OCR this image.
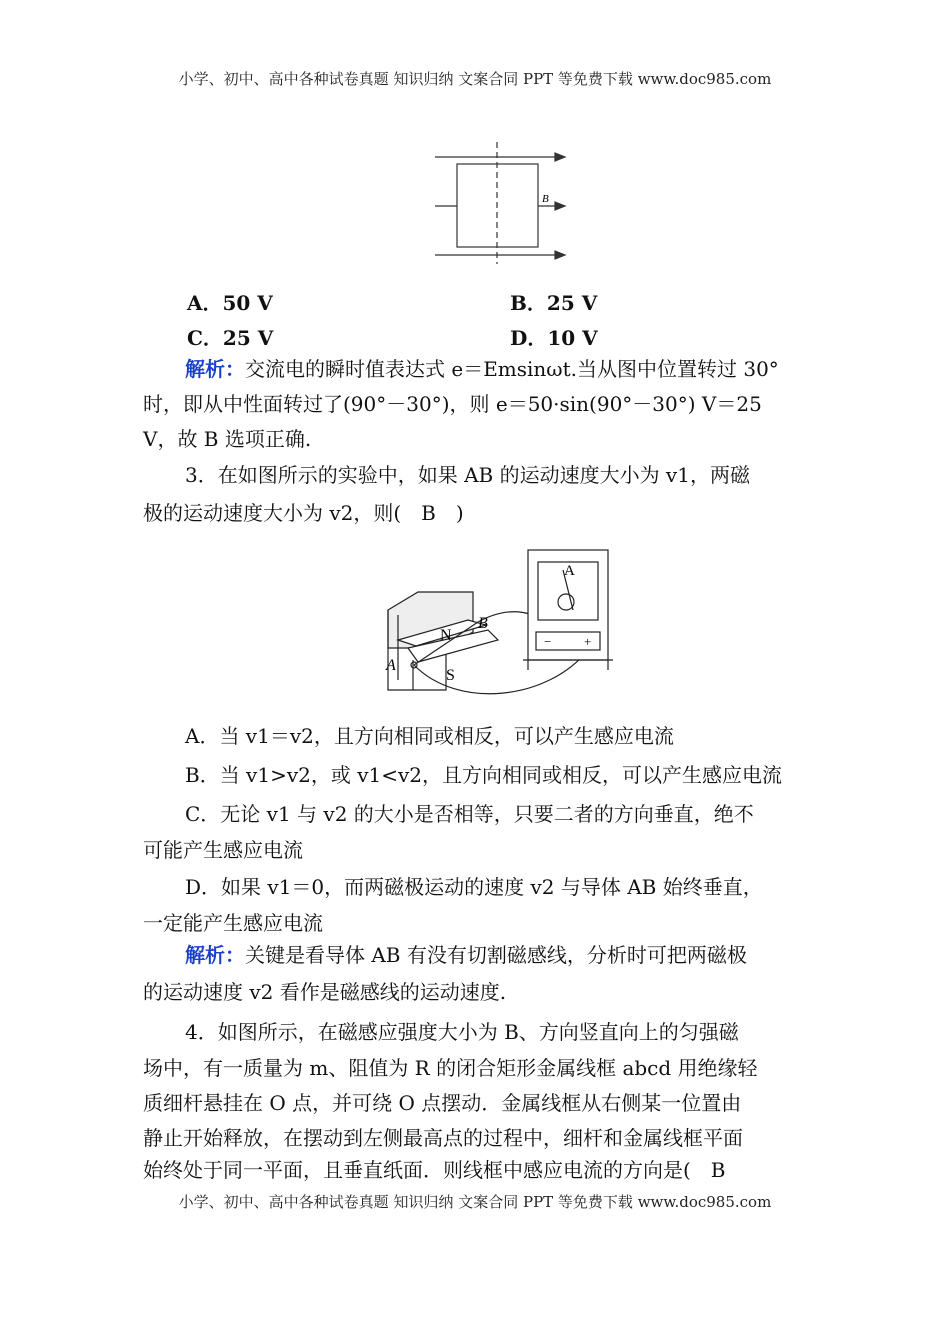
小学、初中、高中各种试卷真题 知识归纳 文案合同 PPT 等免费下载 www.doc985.com
B
A．50 V	B．25 V
C．25 V	D．10 V
解析：交流电的瞬时值表达式 e＝Emsinωt.当从图中位置转过 30°
时，即从中性面转过了(90°－30°)，则 e＝50·sin(90°－30°) V＝25
V，故 B 选项正确.
3．在如图所示的实验中，如果 AB 的运动速度大小为 v1，两磁
极的运动速度大小为 v2，则(　B　)
N
S
A
B
A
−	+
A．当 v1＝v2，且方向相同或相反，可以产生感应电流
B．当 v1>v2，或 v1<v2，且方向相同或相反，可以产生感应电流
C．无论 v1 与 v2 的大小是否相等，只要二者的方向垂直，绝不
可能产生感应电流
D．如果 v1＝0，而两磁极运动的速度 v2 与导体 AB 始终垂直，
一定能产生感应电流
解析：关键是看导体 AB 有没有切割磁感线，分析时可把两磁极
的运动速度 v2 看作是磁感线的运动速度.
4．如图所示，在磁感应强度大小为 B、方向竖直向上的匀强磁
场中，有一质量为 m、阻值为 R 的闭合矩形金属线框 abcd 用绝缘轻
质细杆悬挂在 O 点，并可绕 O 点摆动．金属线框从右侧某一位置由
静止开始释放，在摆动到左侧最高点的过程中，细杆和金属线框平面
始终处于同一平面，且垂直纸面．则线框中感应电流的方向是(　B
小学、初中、高中各种试卷真题 知识归纳 文案合同 PPT 等免费下载 www.doc985.com
